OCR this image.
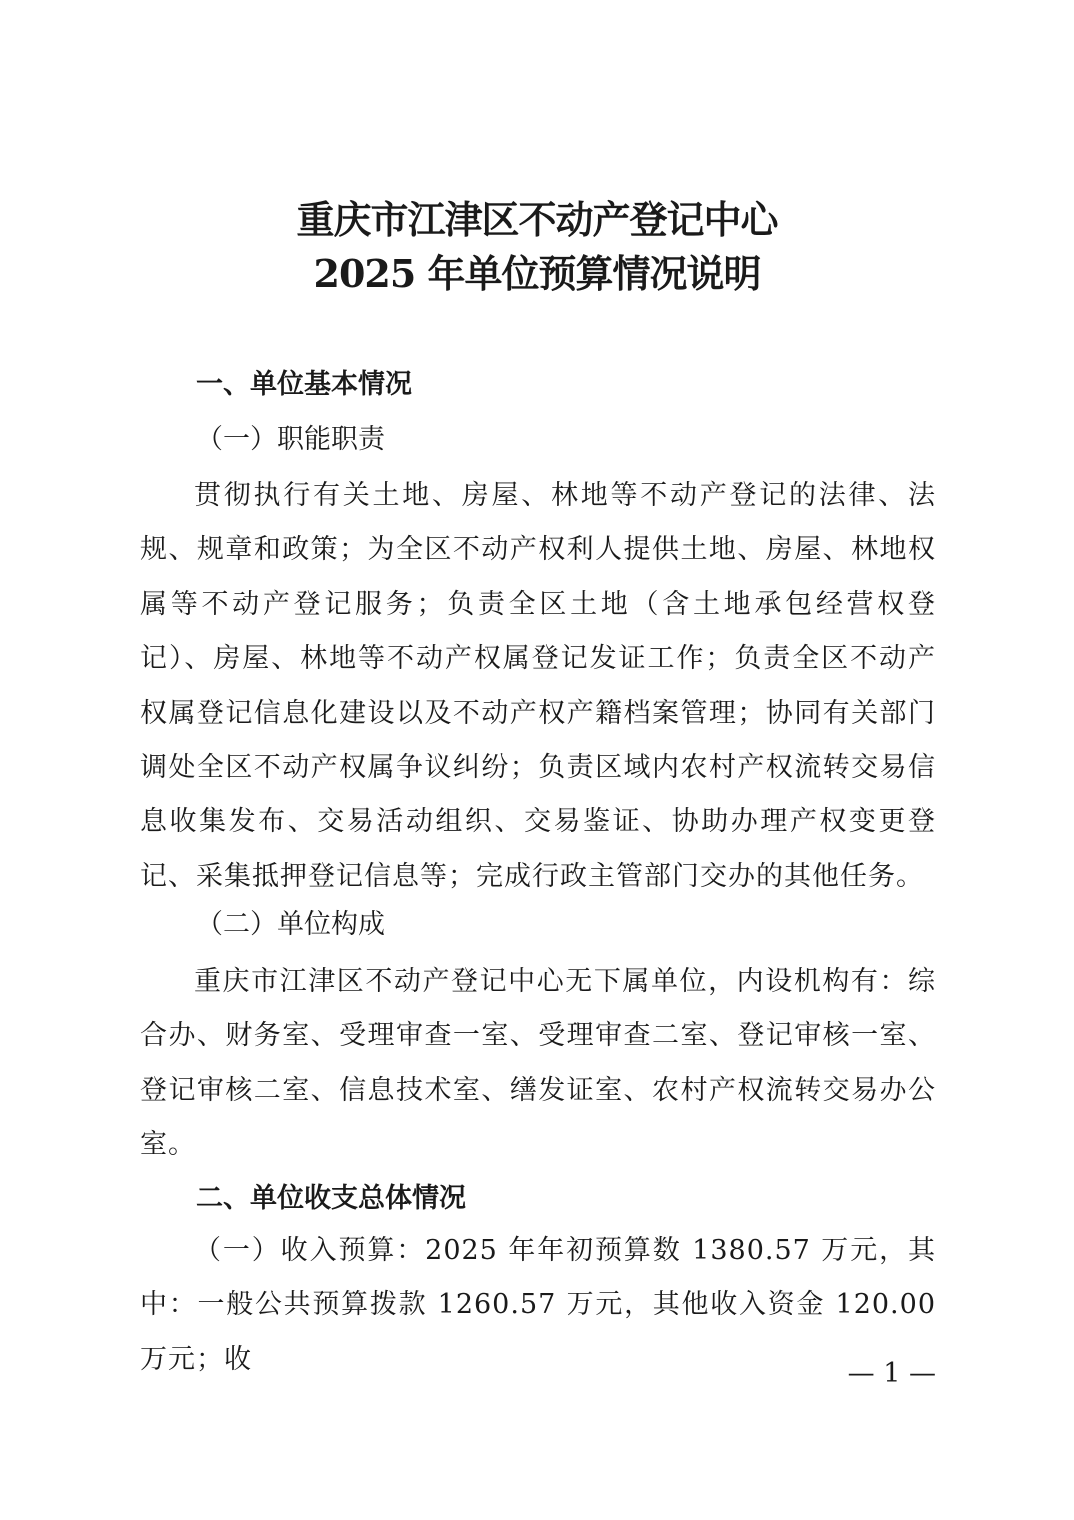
重庆市江津区不动产登记中心
2025 年单位预算情况说明
一、单位基本情况
（一）职能职责

贯彻执行有关土地、房屋、林地等不动产登记的法律、法规、规章和政策；为全区不动产权利人提供土地、房屋、林地权属等不动产登记服务；负责全区土地（含土地承包经营权登记）、房屋、林地等不动产权属登记发证工作；负责全区不动产权属登记信息化建设以及不动产权产籍档案管理；协同有关部门调处全区不动产权属争议纠纷；负责区域内农村产权流转交易信息收集发布、交易活动组织、交易鉴证、协助办理产权变更登记、采集抵押登记信息等；完成行政主管部门交办的其他任务。

（二）单位构成

重庆市江津区不动产登记中心无下属单位，内设机构有：综合办、财务室、受理审查一室、受理审查二室、登记审核一室、登记审核二室、信息技术室、缮发证室、农村产权流转交易办公室。

二、单位收支总体情况

（一）收入预算：2025 年年初预算数 1380.57 万元，其中：一般公共预算拨款 1260.57 万元，其他收入资金 120.00 万元；收	— 1 —
